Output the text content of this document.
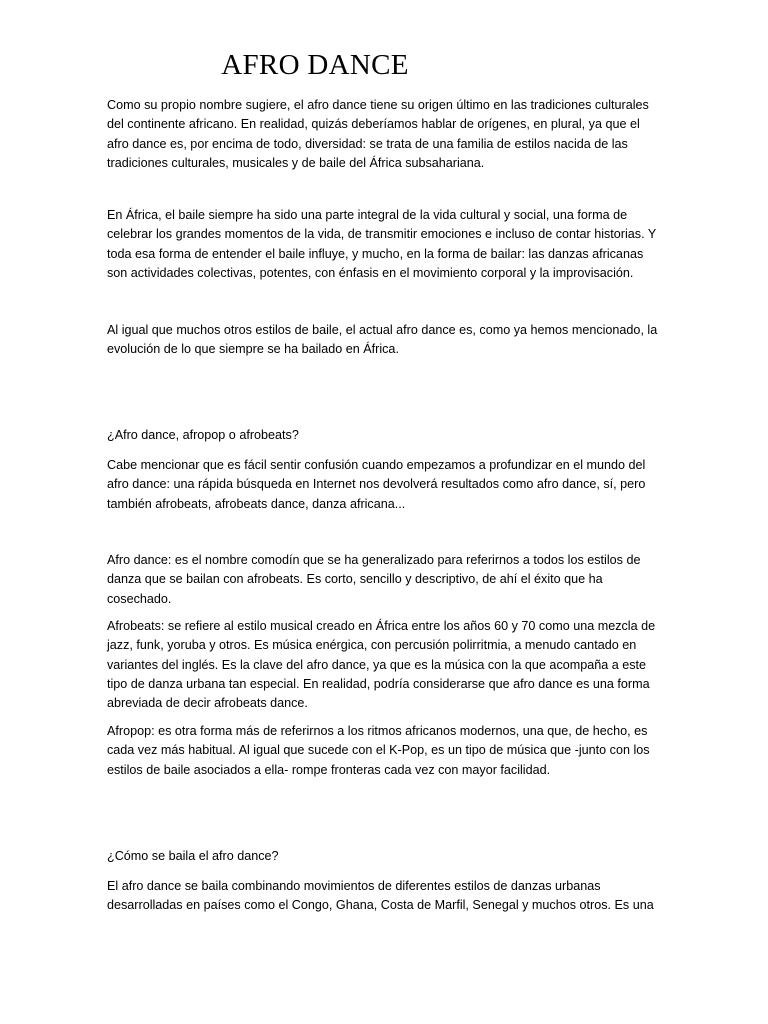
AFRO DANCE

Como su propio nombre sugiere, el afro dance tiene su origen último en las tradiciones culturales del continente africano. En realidad, quizás deberíamos hablar de orígenes, en plural, ya que el afro dance es, por encima de todo, diversidad: se trata de una familia de estilos nacida de las tradiciones culturales, musicales y de baile del África subsahariana.

En África, el baile siempre ha sido una parte integral de la vida cultural y social, una forma de celebrar los grandes momentos de la vida, de transmitir emociones e incluso de contar historias. Y toda esa forma de entender el baile influye, y mucho, en la forma de bailar: las danzas africanas son actividades colectivas, potentes, con énfasis en el movimiento corporal y la improvisación.

Al igual que muchos otros estilos de baile, el actual afro dance es, como ya hemos mencionado, la evolución de lo que siempre se ha bailado en África.

¿Afro dance, afropop o afrobeats?

Cabe mencionar que es fácil sentir confusión cuando empezamos a profundizar en el mundo del afro dance: una rápida búsqueda en Internet nos devolverá resultados como afro dance, sí, pero también afrobeats, afrobeats dance, danza africana...

Afro dance: es el nombre comodín que se ha generalizado para referirnos a todos los estilos de danza que se bailan con afrobeats. Es corto, sencillo y descriptivo, de ahí el éxito que ha cosechado.

Afrobeats: se refiere al estilo musical creado en África entre los años 60 y 70 como una mezcla de jazz, funk, yoruba y otros. Es música enérgica, con percusión polirritmia, a menudo cantado en variantes del inglés. Es la clave del afro dance, ya que es la música con la que acompaña a este tipo de danza urbana tan especial. En realidad, podría considerarse que afro dance es una forma abreviada de decir afrobeats dance.

Afropop: es otra forma más de referirnos a los ritmos africanos modernos, una que, de hecho, es cada vez más habitual. Al igual que sucede con el K-Pop, es un tipo de música que -junto con los estilos de baile asociados a ella- rompe fronteras cada vez con mayor facilidad.

¿Cómo se baila el afro dance?

El afro dance se baila combinando movimientos de diferentes estilos de danzas urbanas desarrolladas en países como el Congo, Ghana, Costa de Marfil, Senegal y muchos otros. Es una
